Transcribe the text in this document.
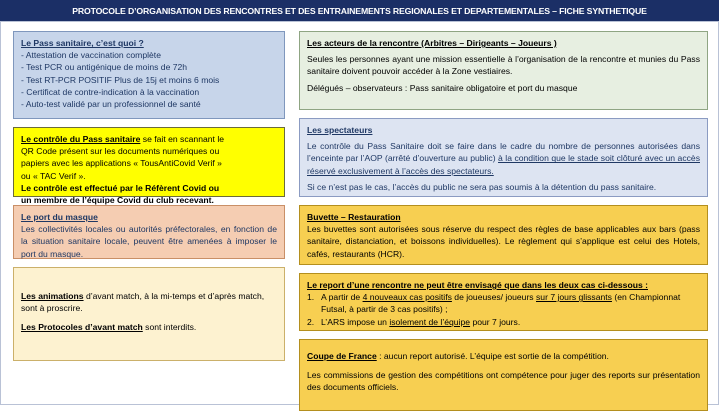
PROTOCOLE D’ORGANISATION DES RENCONTRES ET DES ENTRAINEMENTS REGIONALES ET DEPARTEMENTALES – FICHE SYNTHETIQUE
Le Pass sanitaire, c’est quoi ?
- Attestation de vaccination complète
- Test PCR ou antigénique de moins de 72h
- Test RT-PCR POSITIF Plus de 15j et moins 6 mois
- Certificat de contre-indication à la vaccination
- Auto-test validé par un professionnel de santé
Le contrôle du Pass sanitaire se fait en scannant le
QR Code présent sur les documents numériques ou
papiers avec les applications « TousAntiCovid Verif »
ou « TAC Verif ».
Le contrôle est effectué par le Réfèrent Covid ou
un membre de l’équipe Covid du club recevant.
Le port du masque
Les collectivités locales ou autorités préfectorales, en fonction de la situation sanitaire locale, peuvent être amenées à imposer le port du masque.
Les animations d’avant match, à la mi-temps et d’après match, sont à proscrire.
Les Protocoles d’avant match sont interdits.
Les acteurs de la rencontre (Arbitres – Dirigeants – Joueurs )
Seules les personnes ayant une mission essentielle à l’organisation de la rencontre et munies du Pass sanitaire doivent pouvoir accéder à la Zone vestiaires.
Délégués – observateurs : Pass sanitaire obligatoire et port du masque
Les spectateurs
Le contrôle du Pass Sanitaire doit se faire dans le cadre du nombre de personnes autorisées dans l’enceinte par l’AOP (arrêté d’ouverture au public) à la condition que le stade soit clôturé avec un accès réservé exclusivement à l’accès des spectateurs.
Si ce n’est pas le cas, l’accès du public ne sera pas soumis à la détention du pass sanitaire.
Buvette – Restauration
Les buvettes sont autorisées sous réserve du respect des règles de base applicables aux bars (pass sanitaire, distanciation, et boissons individuelles). Le règlement qui s’applique est celui des Hotels, cafés, restaurants (HCR).
Le report d’une rencontre ne peut être envisagé que dans les deux cas ci-dessous :
1. A partir de 4 nouveaux cas positifs de joueuses/ joueurs sur 7 jours glissants (en Championnat Futsal, à partir de 3 cas positifs) ;
2. L’ARS impose un isolement de l’équipe pour 7 jours.
Coupe de France : aucun report autorisé. L’équipe est sortie de la compétition.
Les commissions de gestion des compétitions ont compétence pour juger des reports sur présentation des documents officiels.
